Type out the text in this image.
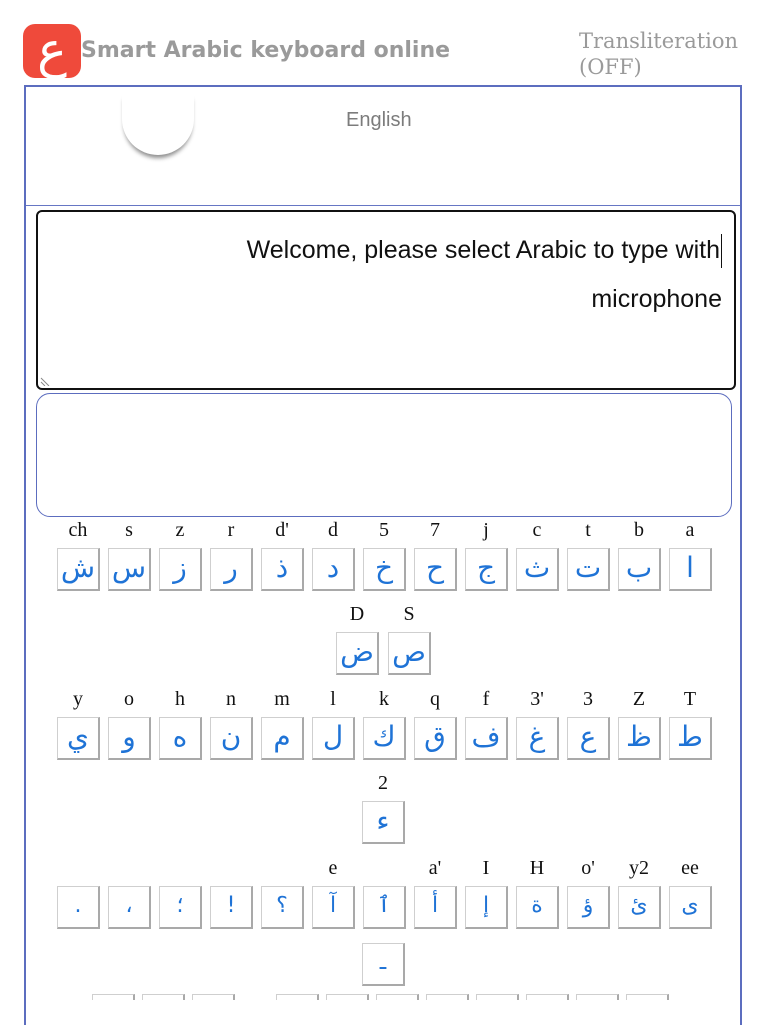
ع Smart Arabic keyboard online	Transliteration (OFF)
English
Welcome, please select Arabic to type with
microphone
a
ا
b
ب
t
ت
c
ث
j
ج
7
ح
5
خ
d
د
d'
ذ
r
ر
z
ز
s
س
ch
ش
S
ص
D
ض
T
ط
Z
ظ
3
ع
3'
غ
f
ف
q
ق
k
ك
l
ل
m
م
n
ن
h
ه
o
و
y
ي
2
ء
ee
ى
y2
ئ
o'
ؤ
H
ة
I
إ
a'
أ
ٱ
e
آ
؟
!
؛
،
.
ـ
